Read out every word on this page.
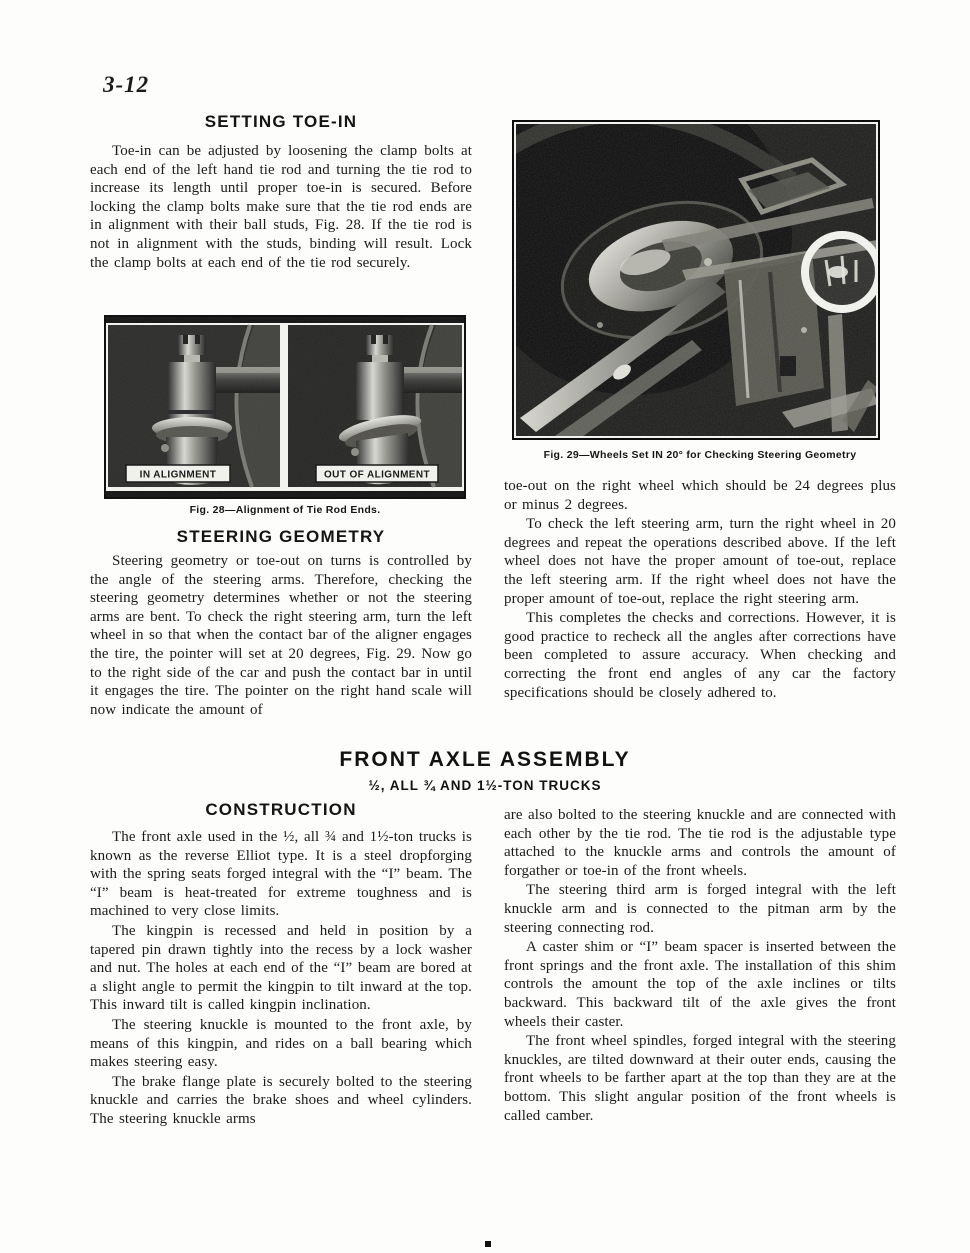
3-12
SETTING TOE-IN

Toe-in can be adjusted by loosening the clamp bolts at each end of the left hand tie rod and turning the tie rod to increase its length until proper toe-in is secured. Before locking the clamp bolts make sure that the tie rod ends are in alignment with their ball studs, Fig. 28. If the tie rod is not in alignment with the studs, binding will result. Lock the clamp bolts at each end of the tie rod securely.

Fig. 28—Alignment of Tie Rod Ends.
STEERING GEOMETRY

Steering geometry or toe-out on turns is controlled by the angle of the steering arms. Therefore, checking the steering geometry determines whether or not the steering arms are bent. To check the right steering arm, turn the left wheel in so that when the contact bar of the aligner engages the tire, the pointer will set at 20 degrees, Fig. 29. Now go to the right side of the car and push the contact bar in until it engages the tire. The pointer on the right hand scale will now indicate the amount of

Fig. 29—Wheels Set IN 20° for Checking Steering Geometry

toe-out on the right wheel which should be 24 degrees plus or minus 2 degrees.

To check the left steering arm, turn the right wheel in 20 degrees and repeat the operations described above. If the left wheel does not have the proper amount of toe-out, replace the left steering arm. If the right wheel does not have the proper amount of toe-out, replace the right steering arm.

This completes the checks and corrections. However, it is good practice to recheck all the angles after corrections have been completed to assure accuracy. When checking and correcting the front end angles of any car the factory specifications should be closely adhered to.

FRONT AXLE ASSEMBLY
½, ALL ¾ AND 1½-TON TRUCKS
CONSTRUCTION

The front axle used in the ½, all ¾ and 1½-ton trucks is known as the reverse Elliot type. It is a steel dropforging with the spring seats forged integral with the “I” beam. The “I” beam is heat-treated for extreme toughness and is machined to very close limits.

The kingpin is recessed and held in position by a tapered pin drawn tightly into the recess by a lock washer and nut. The holes at each end of the “I” beam are bored at a slight angle to permit the kingpin to tilt inward at the top. This inward tilt is called kingpin inclination.

The steering knuckle is mounted to the front axle, by means of this kingpin, and rides on a ball bearing which makes steering easy.

The brake flange plate is securely bolted to the steering knuckle and carries the brake shoes and wheel cylinders. The steering knuckle arms

are also bolted to the steering knuckle and are connected with each other by the tie rod. The tie rod is the adjustable type attached to the knuckle arms and controls the amount of forgather or toe-in of the front wheels.

The steering third arm is forged integral with the left knuckle arm and is connected to the pitman arm by the steering connecting rod.

A caster shim or “I” beam spacer is inserted between the front springs and the front axle. The installation of this shim controls the amount the top of the axle inclines or tilts backward. This backward tilt of the axle gives the front wheels their caster.

The front wheel spindles, forged integral with the steering knuckles, are tilted downward at their outer ends, causing the front wheels to be farther apart at the top than they are at the bottom. This slight angular position of the front wheels is called camber.
